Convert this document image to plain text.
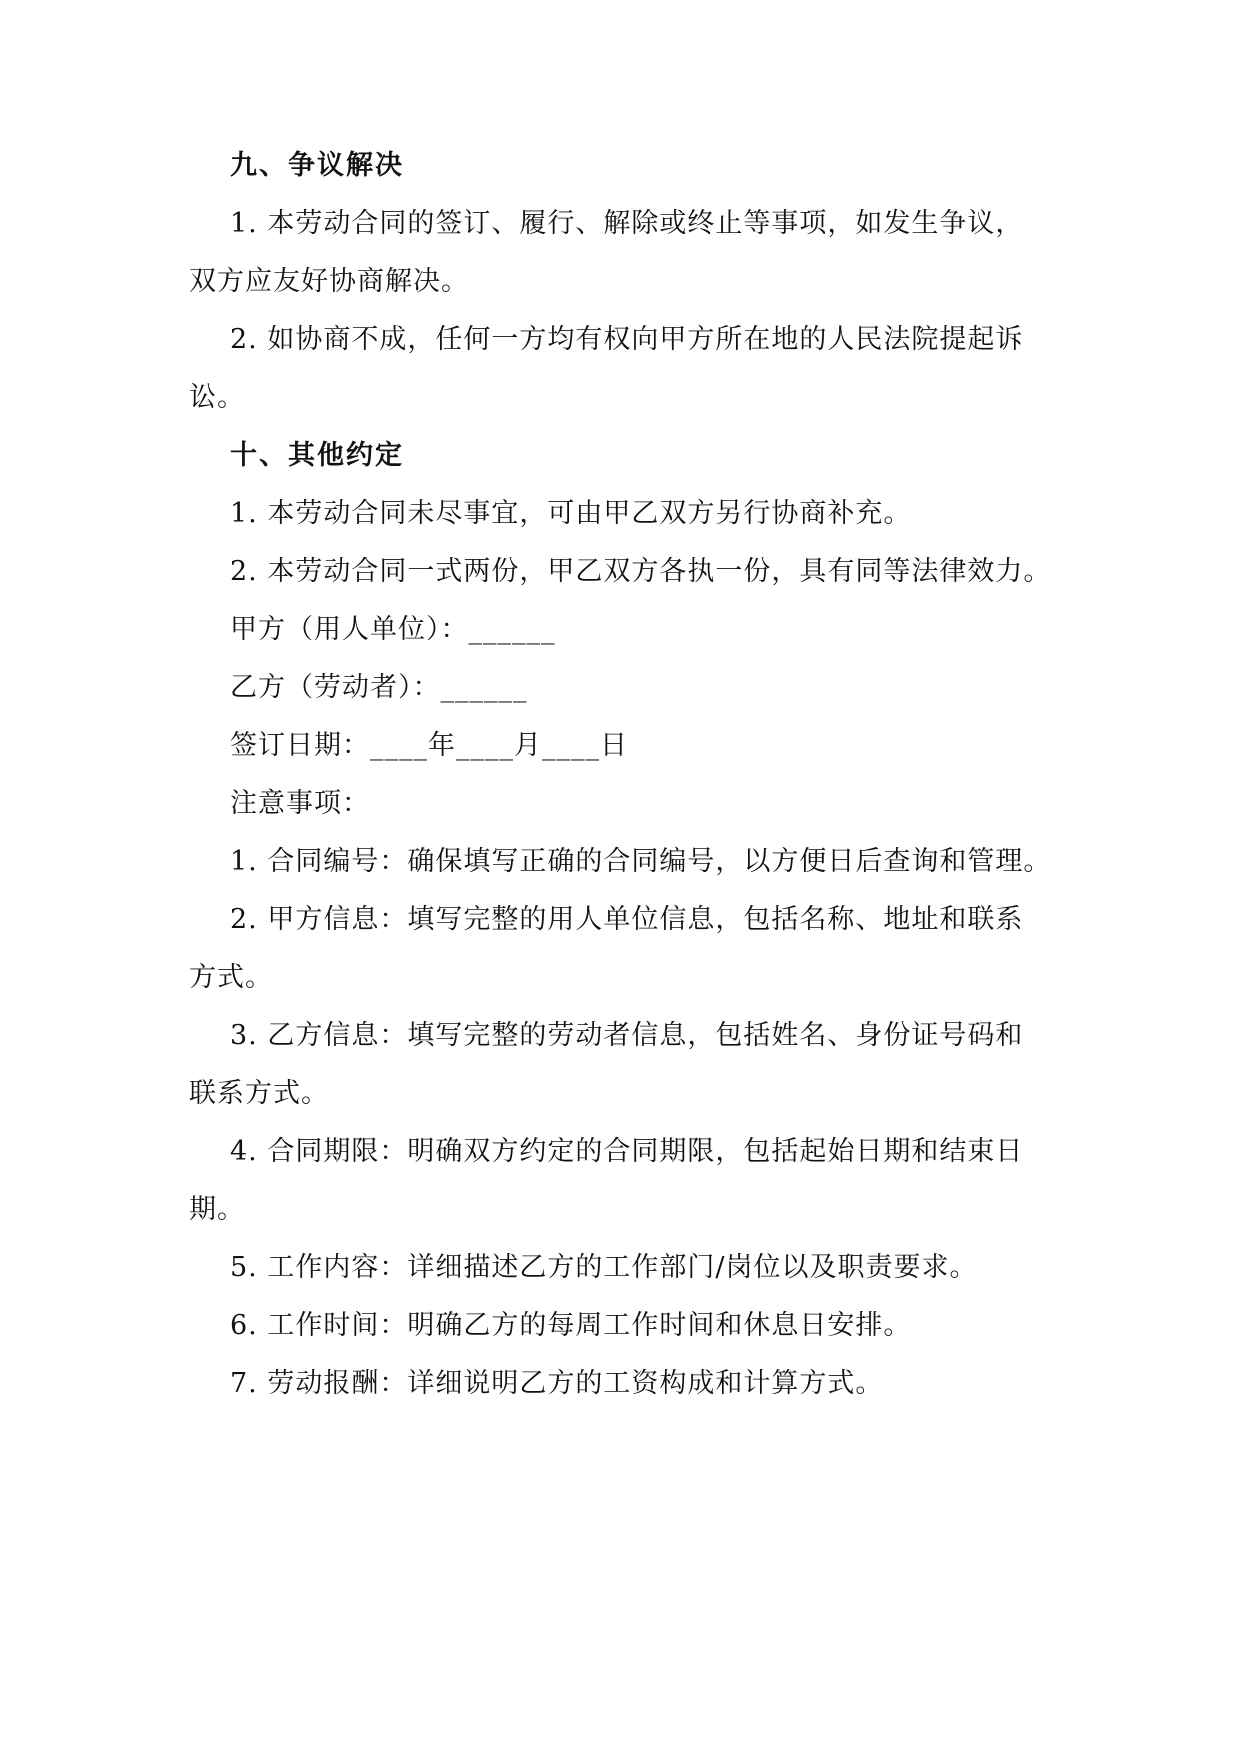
九、争议解决
1. 本劳动合同的签订、履行、解除或终止等事项，如发生争议，
双方应友好协商解决。
2. 如协商不成，任何一方均有权向甲方所在地的人民法院提起诉
讼。
十、其他约定
1. 本劳动合同未尽事宜，可由甲乙双方另行协商补充。
2. 本劳动合同一式两份，甲乙双方各执一份，具有同等法律效力。
甲方（用人单位）：______
乙方（劳动者）：______
签订日期：____年____月____日
注意事项：
1. 合同编号：确保填写正确的合同编号，以方便日后查询和管理。
2. 甲方信息：填写完整的用人单位信息，包括名称、地址和联系
方式。
3. 乙方信息：填写完整的劳动者信息，包括姓名、身份证号码和
联系方式。
4. 合同期限：明确双方约定的合同期限，包括起始日期和结束日
期。
5. 工作内容：详细描述乙方的工作部门/岗位以及职责要求。
6. 工作时间：明确乙方的每周工作时间和休息日安排。
7. 劳动报酬：详细说明乙方的工资构成和计算方式。
